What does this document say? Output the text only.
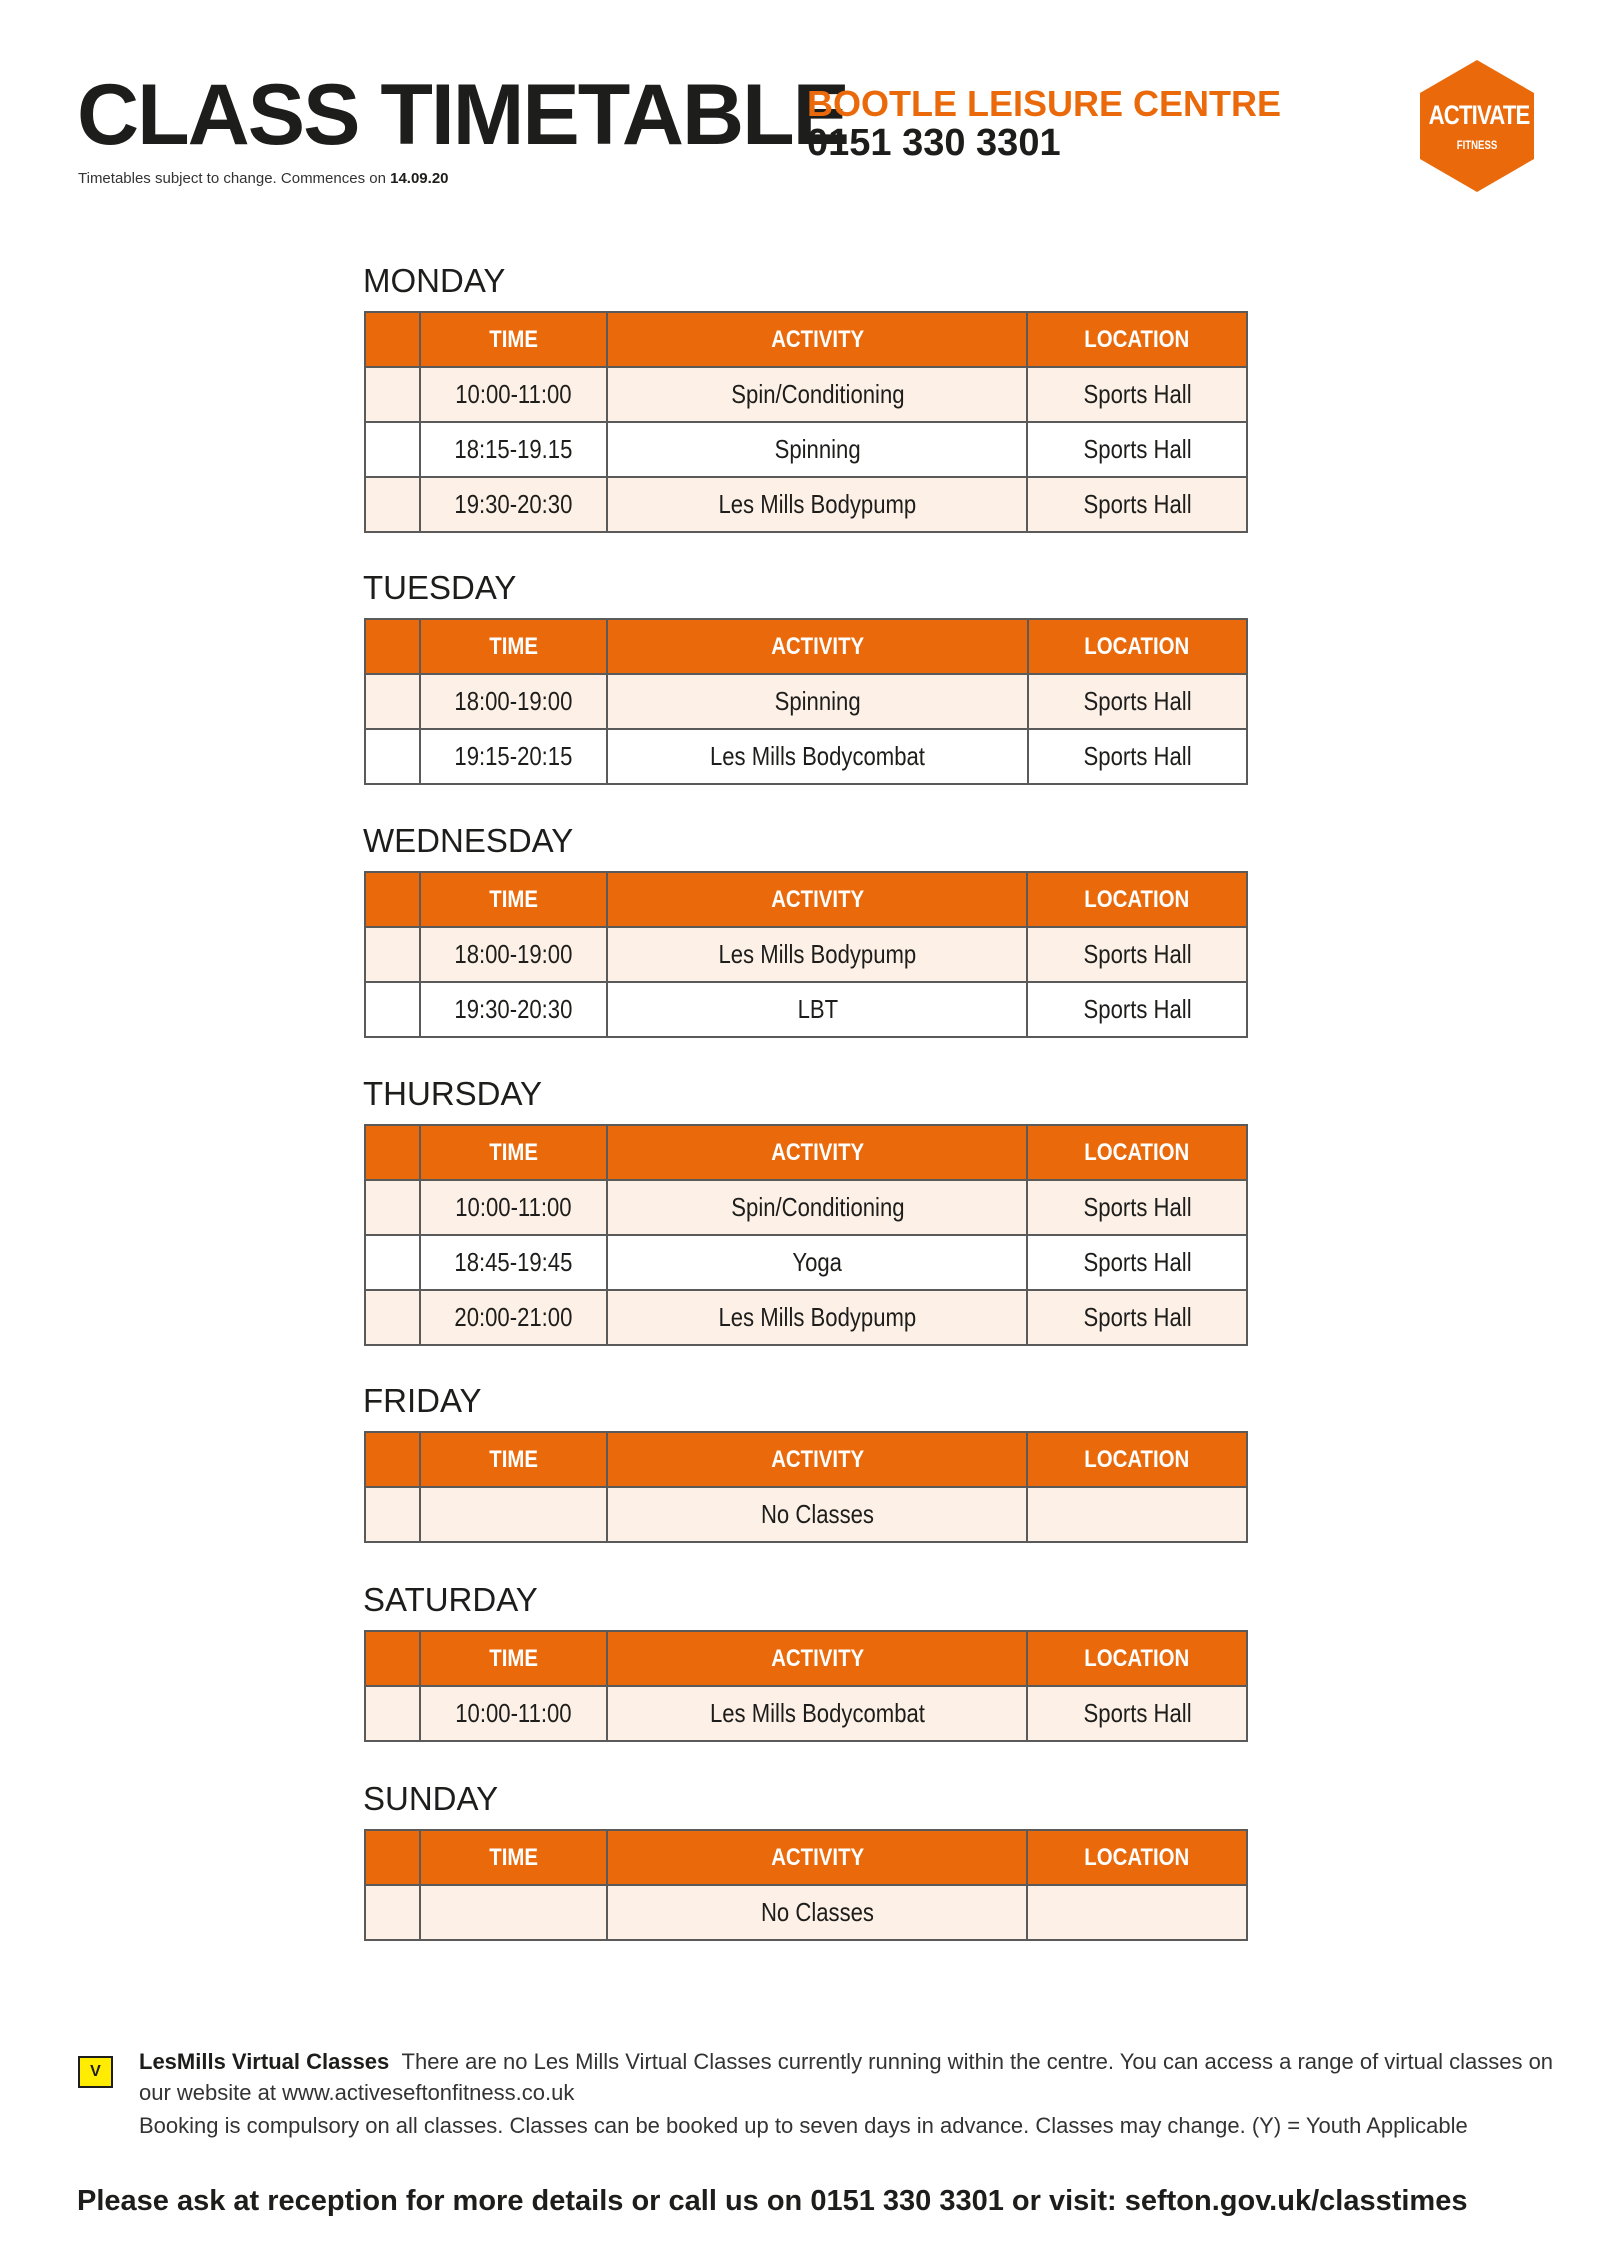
CLASS TIMETABLE
Timetables subject to change. Commences on 14.09.20
BOOTLE LEISURE CENTRE
0151 330 3301
ACTIVATE
FITNESS
MONDAY
	TIME	ACTIVITY	LOCATION
	10:00-11:00	Spin/Conditioning	Sports Hall
	18:15-19.15	Spinning	Sports Hall
	19:30-20:30	Les Mills Bodypump	Sports Hall
TUESDAY
	TIME	ACTIVITY	LOCATION
	18:00-19:00	Spinning	Sports Hall
	19:15-20:15	Les Mills Bodycombat	Sports Hall
WEDNESDAY
	TIME	ACTIVITY	LOCATION
	18:00-19:00	Les Mills Bodypump	Sports Hall
	19:30-20:30	LBT	Sports Hall
THURSDAY
	TIME	ACTIVITY	LOCATION
	10:00-11:00	Spin/Conditioning	Sports Hall
	18:45-19:45	Yoga	Sports Hall
	20:00-21:00	Les Mills Bodypump	Sports Hall
FRIDAY
	TIME	ACTIVITY	LOCATION
		No Classes	
SATURDAY
	TIME	ACTIVITY	LOCATION
	10:00-11:00	Les Mills Bodycombat	Sports Hall
SUNDAY
	TIME	ACTIVITY	LOCATION
		No Classes	
V	LesMills Virtual Classes There are no Les Mills Virtual Classes currently running within the centre. You can access a range of virtual classes on our website at www.activeseftonfitness.co.uk
Booking is compulsory on all classes. Classes can be booked up to seven days in advance. Classes may change. (Y) = Youth Applicable
Please ask at reception for more details or call us on 0151 330 3301 or visit: sefton.gov.uk/classtimes
